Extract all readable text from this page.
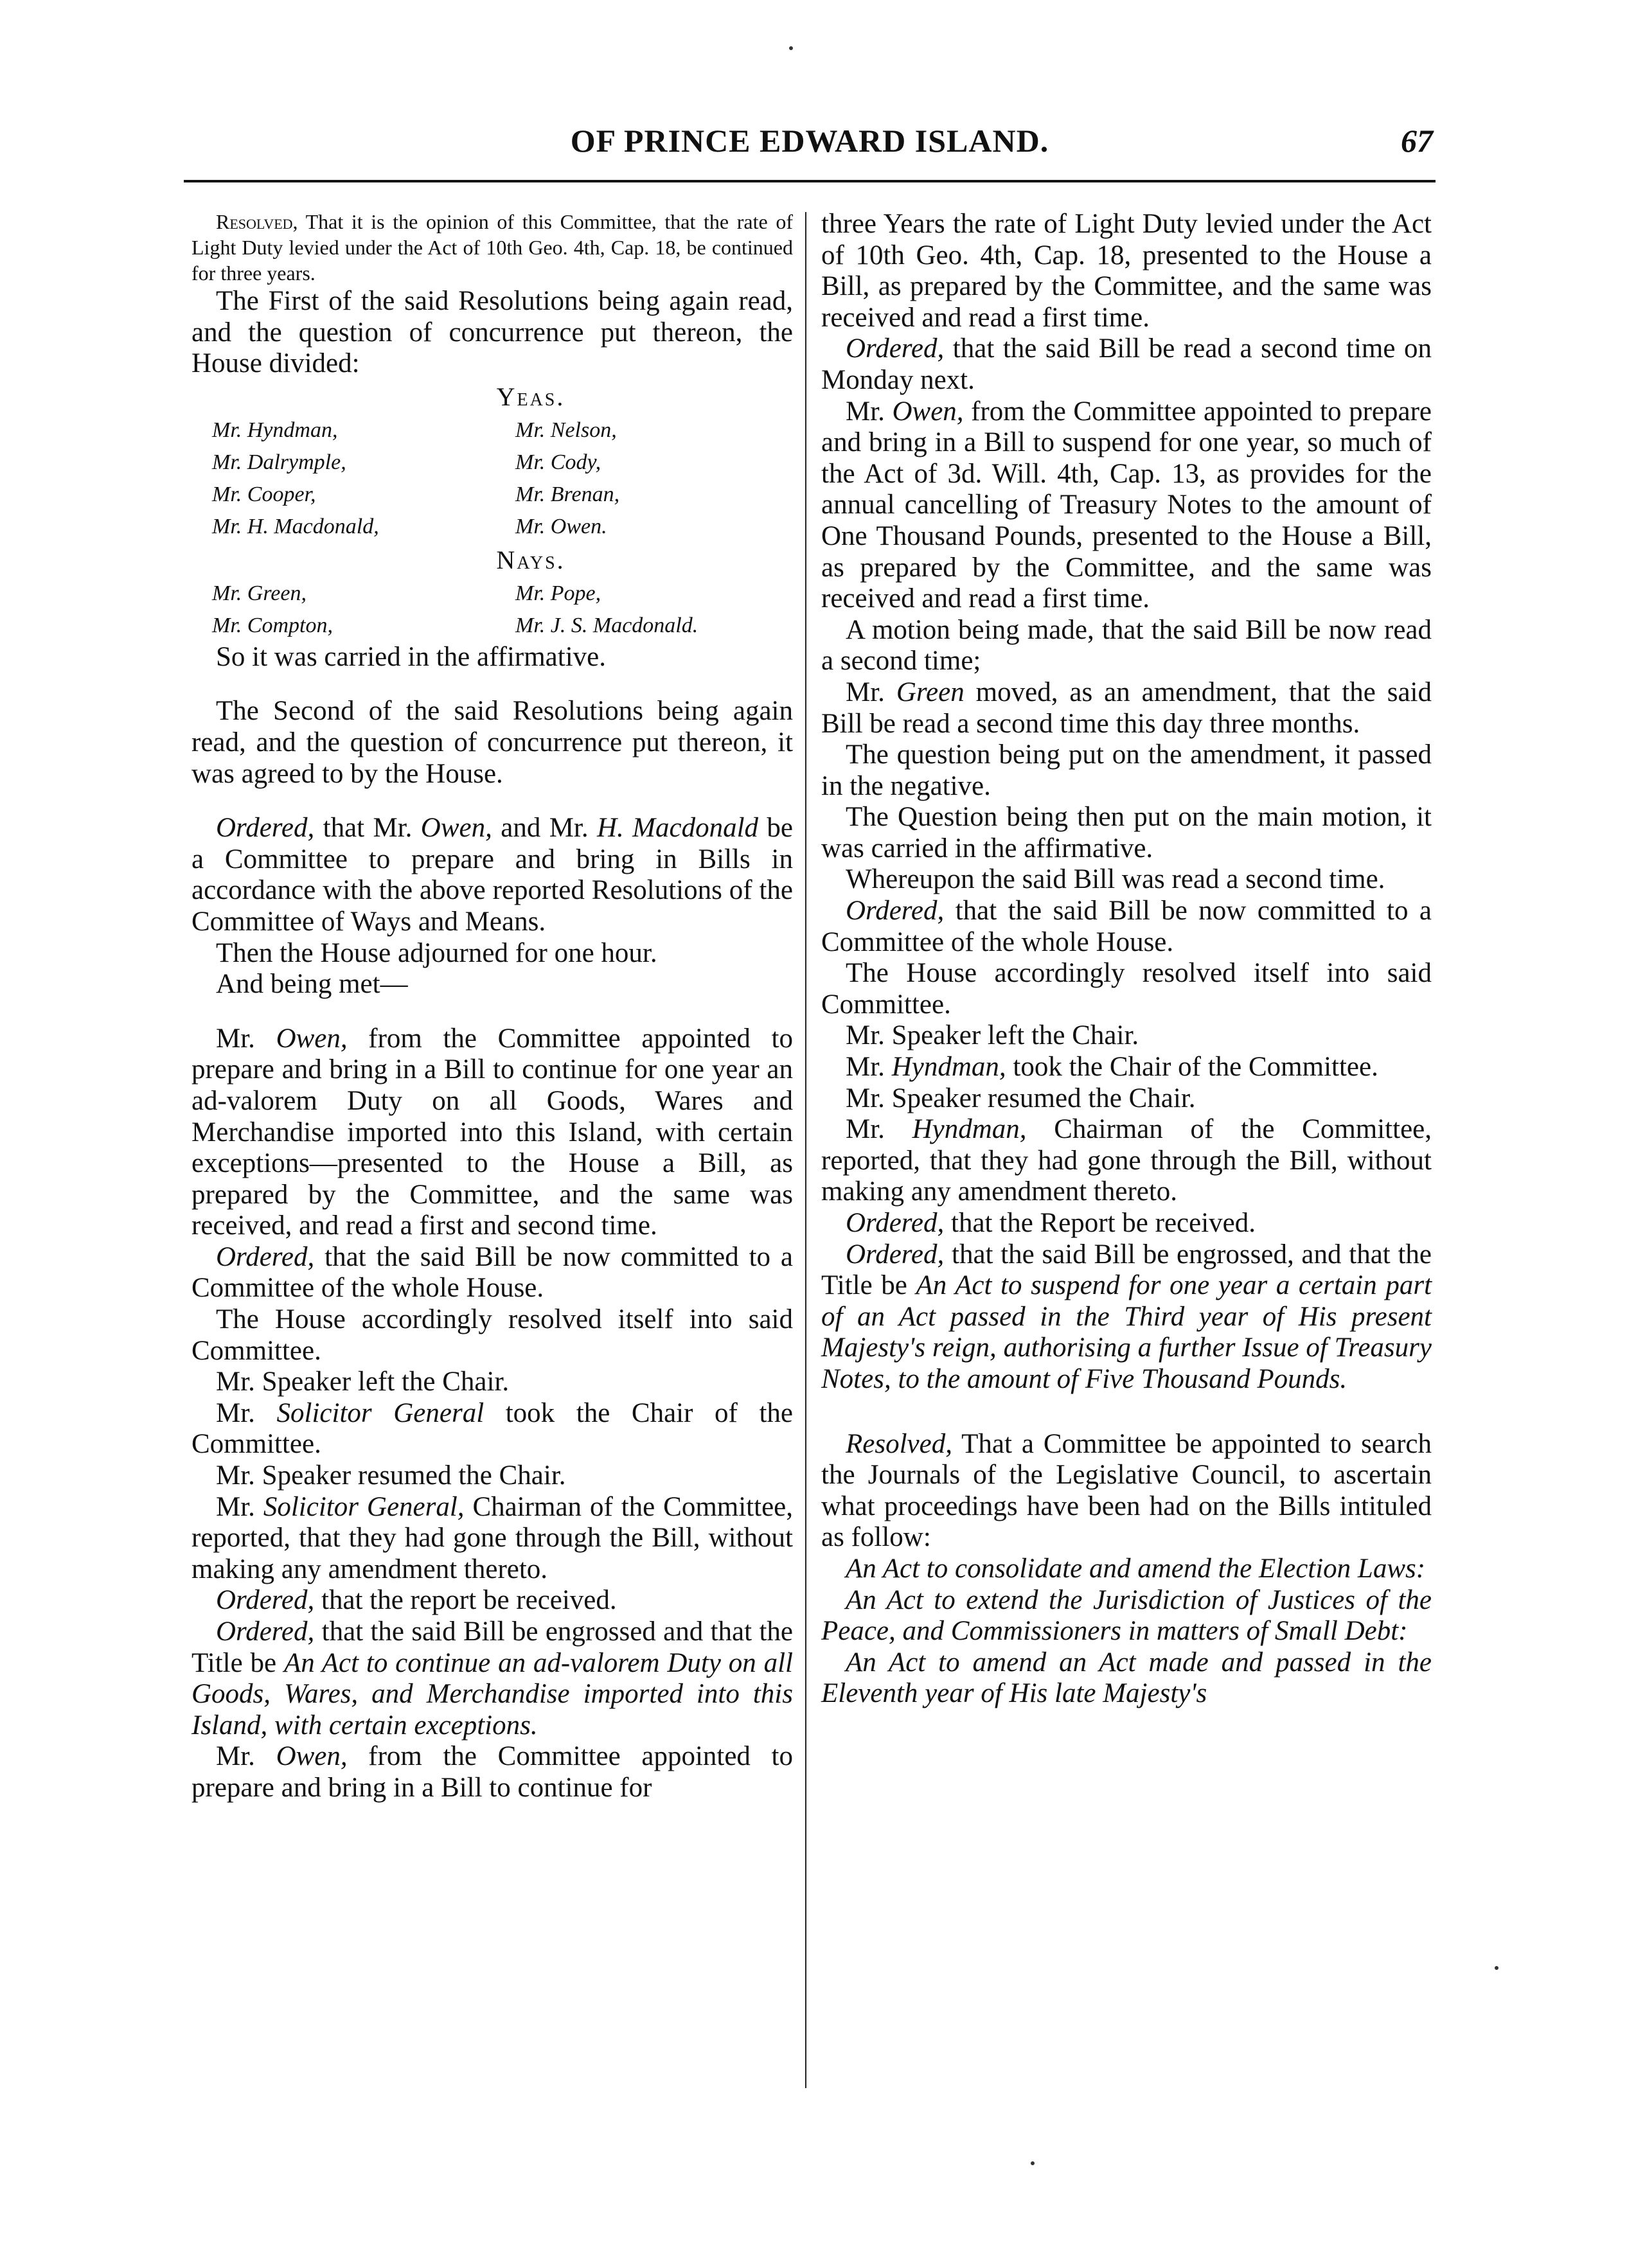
OF PRINCE EDWARD ISLAND.	67

Resolved, That it is the opinion of this Committee, that the rate of Light Duty levied under the Act of 10th Geo. 4th, Cap. 18, be continued for three years.

The First of the said Resolutions being again read, and the question of concurrence put thereon, the House divided:

Yeas.
Mr. Hyndman,	Mr. Nelson,
Mr. Dalrymple,	Mr. Cody,
Mr. Cooper,	Mr. Brenan,
Mr. H. Macdonald,	Mr. Owen.
Nays.
Mr. Green,	Mr. Pope,
Mr. Compton,	Mr. J. S. Macdonald.

So it was carried in the affirmative.

The Second of the said Resolutions being again read, and the question of concurrence put thereon, it was agreed to by the House.

Ordered, that Mr. Owen, and Mr. H. Macdonald be a Committee to prepare and bring in Bills in accordance with the above reported Resolutions of the Committee of Ways and Means.

Then the House adjourned for one hour.

And being met—

Mr. Owen, from the Committee appointed to prepare and bring in a Bill to continue for one year an ad-valorem Duty on all Goods, Wares and Merchandise imported into this Island, with certain exceptions—presented to the House a Bill, as prepared by the Committee, and the same was received, and read a first and second time.

Ordered, that the said Bill be now committed to a Committee of the whole House.

The House accordingly resolved itself into said Committee.

Mr. Speaker left the Chair.

Mr. Solicitor General took the Chair of the Committee.

Mr. Speaker resumed the Chair.

Mr. Solicitor General, Chairman of the Committee, reported, that they had gone through the Bill, without making any amendment thereto.

Ordered, that the report be received.

Ordered, that the said Bill be engrossed and that the Title be An Act to continue an ad-valorem Duty on all Goods, Wares, and Merchandise imported into this Island, with certain exceptions.

Mr. Owen, from the Committee appointed to prepare and bring in a Bill to continue for

three Years the rate of Light Duty levied under the Act of 10th Geo. 4th, Cap. 18, presented to the House a Bill, as prepared by the Committee, and the same was received and read a first time.

Ordered, that the said Bill be read a second time on Monday next.

Mr. Owen, from the Committee appointed to prepare and bring in a Bill to suspend for one year, so much of the Act of 3d. Will. 4th, Cap. 13, as provides for the annual cancelling of Treasury Notes to the amount of One Thousand Pounds, presented to the House a Bill, as prepared by the Committee, and the same was received and read a first time.

A motion being made, that the said Bill be now read a second time;

Mr. Green moved, as an amendment, that the said Bill be read a second time this day three months.

The question being put on the amendment, it passed in the negative.

The Question being then put on the main motion, it was carried in the affirmative.

Whereupon the said Bill was read a second time.

Ordered, that the said Bill be now committed to a Committee of the whole House.

The House accordingly resolved itself into said Committee.

Mr. Speaker left the Chair.

Mr. Hyndman, took the Chair of the Committee.

Mr. Speaker resumed the Chair.

Mr. Hyndman, Chairman of the Committee, reported, that they had gone through the Bill, without making any amendment thereto.

Ordered, that the Report be received.

Ordered, that the said Bill be engrossed, and that the Title be An Act to suspend for one year a certain part of an Act passed in the Third year of His present Majesty's reign, authorising a further Issue of Treasury Notes, to the amount of Five Thousand Pounds.

Resolved, That a Committee be appointed to search the Journals of the Legislative Council, to ascertain what proceedings have been had on the Bills intituled as follow:

An Act to consolidate and amend the Election Laws:

An Act to extend the Jurisdiction of Justices of the Peace, and Commissioners in matters of Small Debt:

An Act to amend an Act made and passed in the Eleventh year of His late Majesty's
